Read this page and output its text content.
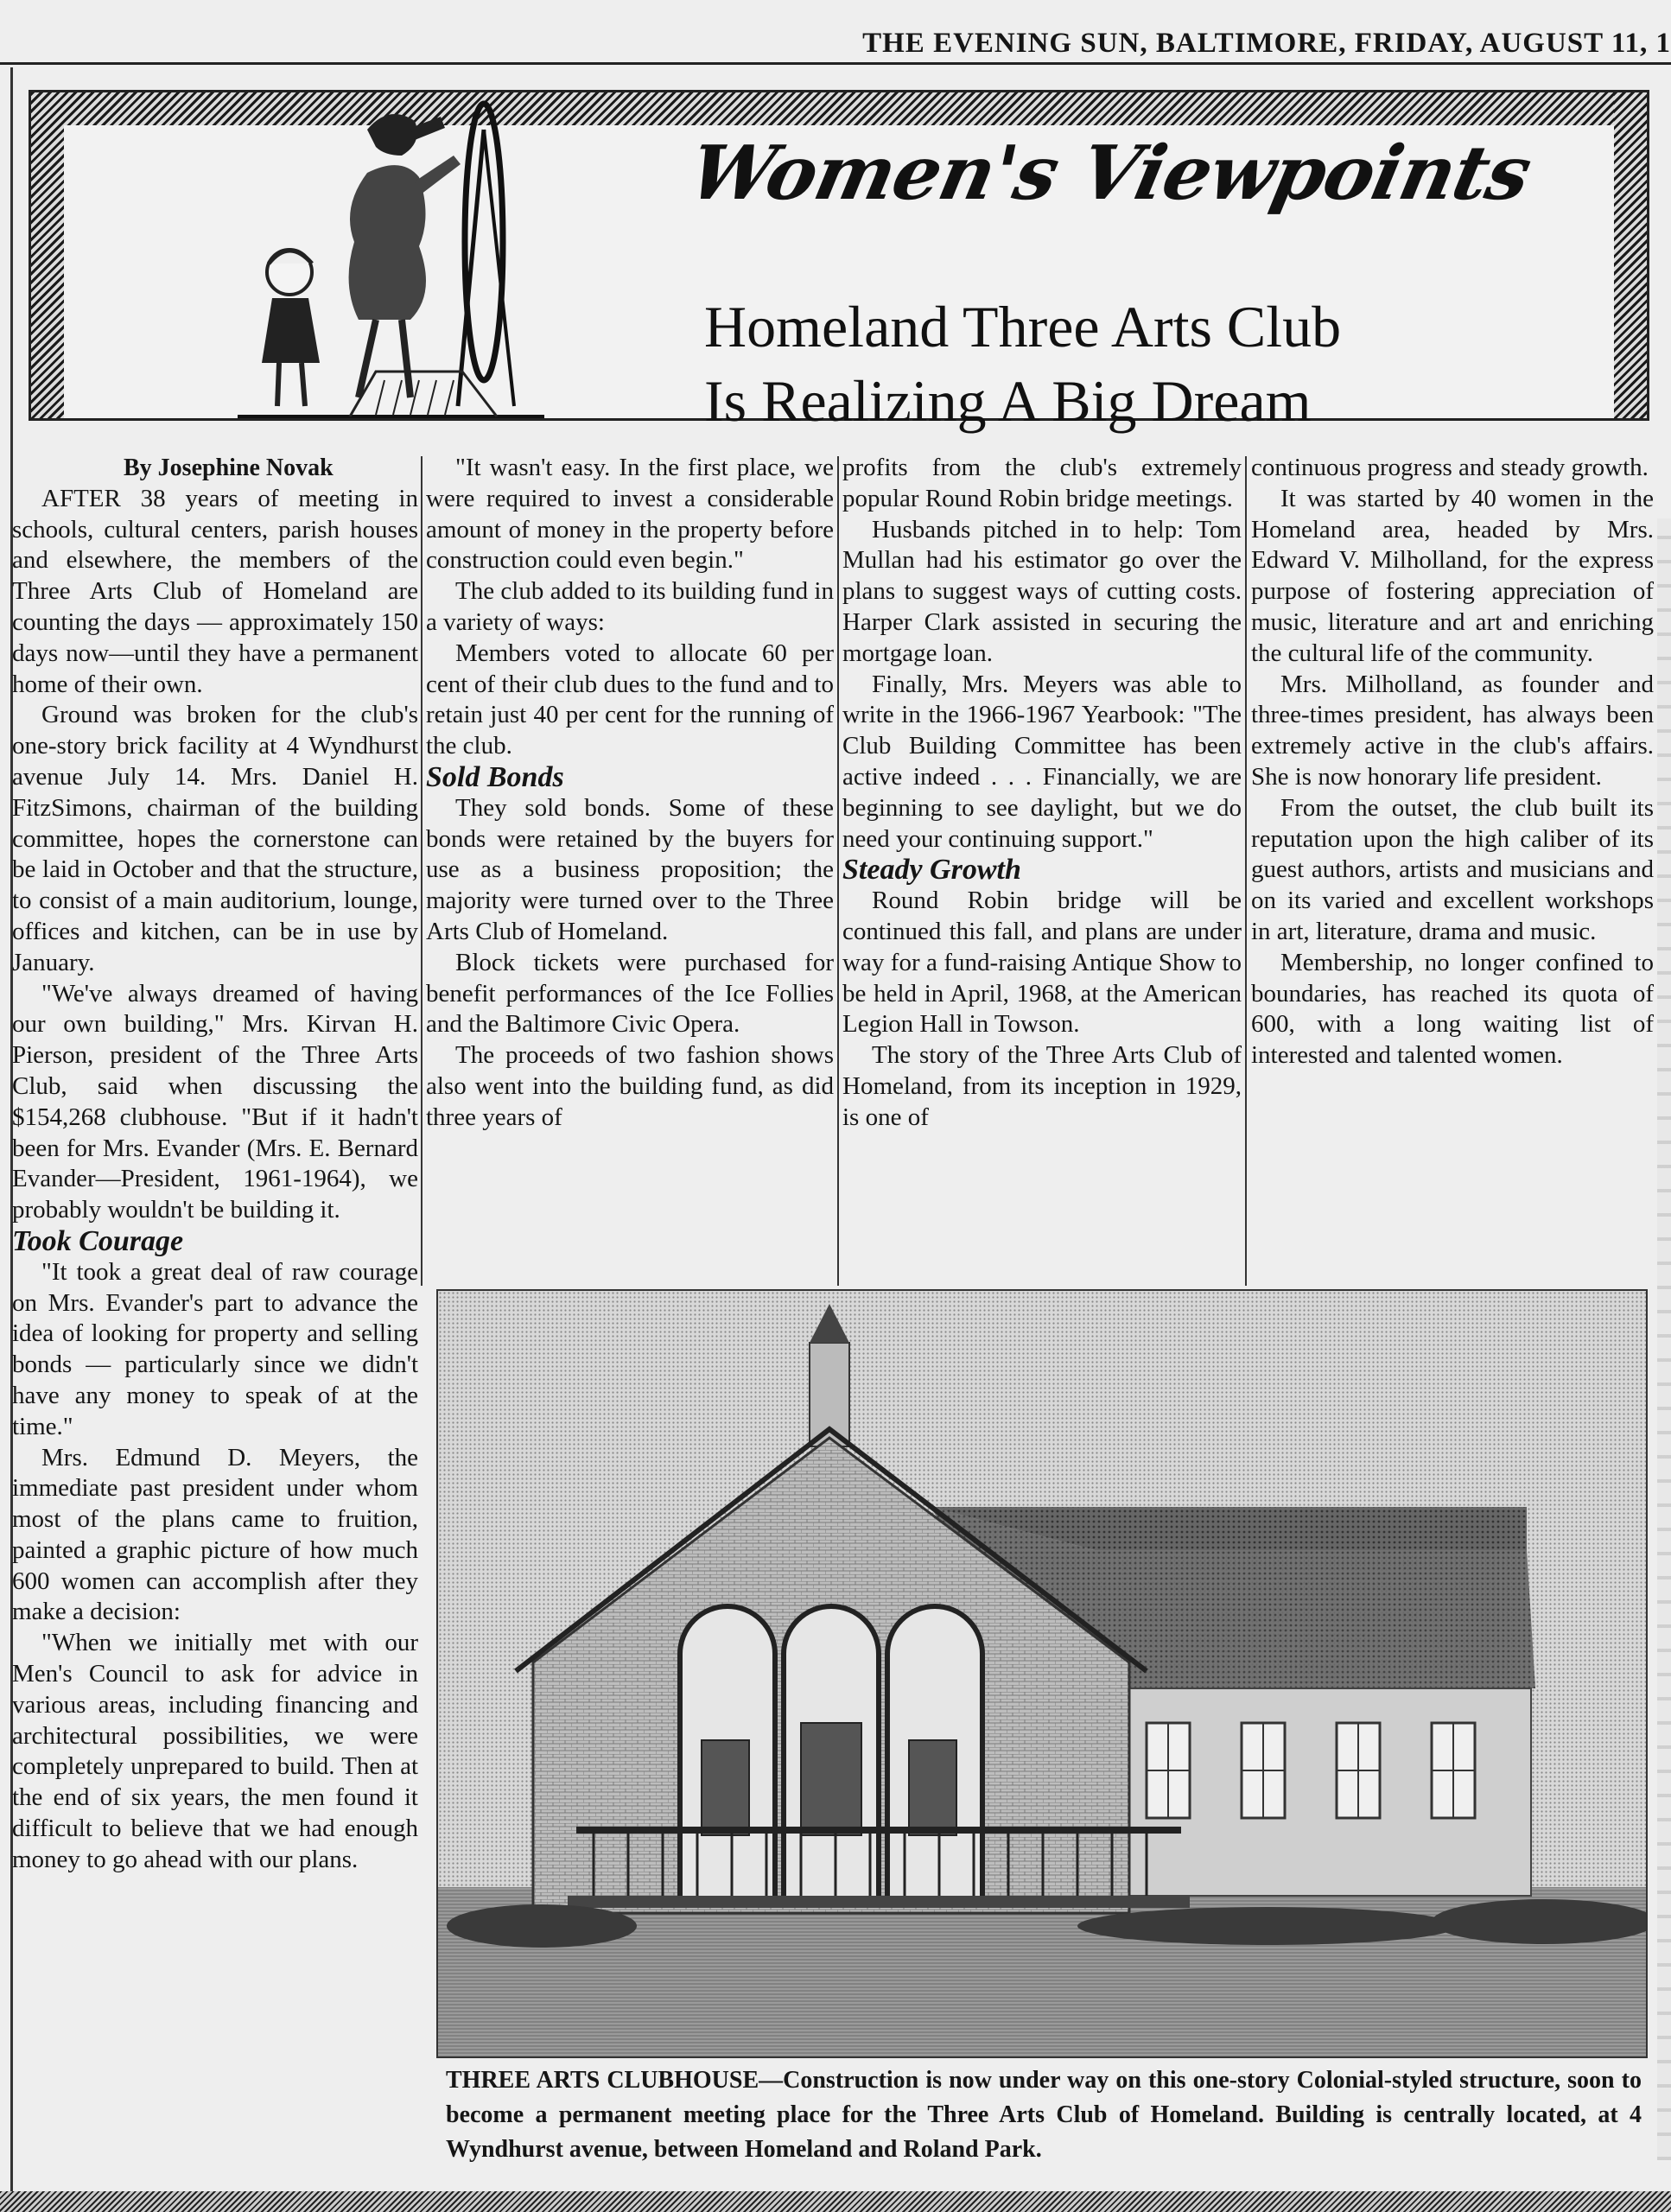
THE EVENING SUN, BALTIMORE, FRIDAY, AUGUST 11, 1
Women's Viewpoints
Homeland Three Arts Club
Is Realizing A Big Dream

By Josephine Novak

AFTER 38 years of meeting in schools, cultural centers, parish houses and elsewhere, the members of the Three Arts Club of Homeland are counting the days — approximately 150 days now—until they have a permanent home of their own.

Ground was broken for the club's one-story brick facility at 4 Wyndhurst avenue July 14. Mrs. Daniel H. FitzSimons, chairman of the building committee, hopes the cornerstone can be laid in October and that the structure, to consist of a main auditorium, lounge, offices and kitchen, can be in use by January.

"We've always dreamed of having our own building," Mrs. Kirvan H. Pierson, president of the Three Arts Club, said when discussing the $154,268 clubhouse. "But if it hadn't been for Mrs. Evander (Mrs. E. Bernard Evander—President, 1961-1964), we probably wouldn't be building it.

Took Courage

"It took a great deal of raw courage on Mrs. Evander's part to advance the idea of looking for property and selling bonds — particularly since we didn't have any money to speak of at the time."

Mrs. Edmund D. Meyers, the immediate past president under whom most of the plans came to fruition, painted a graphic picture of how much 600 women can accomplish after they make a decision:

"When we initially met with our Men's Council to ask for advice in various areas, including financing and architectural possibilities, we were completely unprepared to build. Then at the end of six years, the men found it difficult to believe that we had enough money to go ahead with our plans.

"It wasn't easy. In the first place, we were required to invest a considerable amount of money in the property before construction could even begin."

The club added to its building fund in a variety of ways:

Members voted to allocate 60 per cent of their club dues to the fund and to retain just 40 per cent for the running of the club.

Sold Bonds

They sold bonds. Some of these bonds were retained by the buyers for use as a business proposition; the majority were turned over to the Three Arts Club of Homeland.

Block tickets were purchased for benefit performances of the Ice Follies and the Baltimore Civic Opera.

The proceeds of two fashion shows also went into the building fund, as did three years of

profits from the club's extremely popular Round Robin bridge meetings.

Husbands pitched in to help: Tom Mullan had his estimator go over the plans to suggest ways of cutting costs. Harper Clark assisted in securing the mortgage loan.

Finally, Mrs. Meyers was able to write in the 1966-1967 Yearbook: "The Club Building Committee has been active indeed . . . Financially, we are beginning to see daylight, but we do need your continuing support."

Steady Growth

Round Robin bridge will be continued this fall, and plans are under way for a fund-raising Antique Show to be held in April, 1968, at the American Legion Hall in Towson.

The story of the Three Arts Club of Homeland, from its inception in 1929, is one of

continuous progress and steady growth.

It was started by 40 women in the Homeland area, headed by Mrs. Edward V. Milholland, for the express purpose of fostering appreciation of music, literature and art and enriching the cultural life of the community.

Mrs. Milholland, as founder and three-times president, has always been extremely active in the club's affairs. She is now honorary life president.

From the outset, the club built its reputation upon the high caliber of its guest authors, artists and musicians and on its varied and excellent workshops in art, literature, drama and music.

Membership, no longer confined to boundaries, has reached its quota of 600, with a long waiting list of interested and talented women.

THREE ARTS CLUBHOUSE—Construction is now under way on this one-story Colonial-styled structure, soon to become a permanent meeting place for the Three Arts Club of Homeland. Building is centrally located, at 4 Wyndhurst avenue, between Homeland and Roland Park.
